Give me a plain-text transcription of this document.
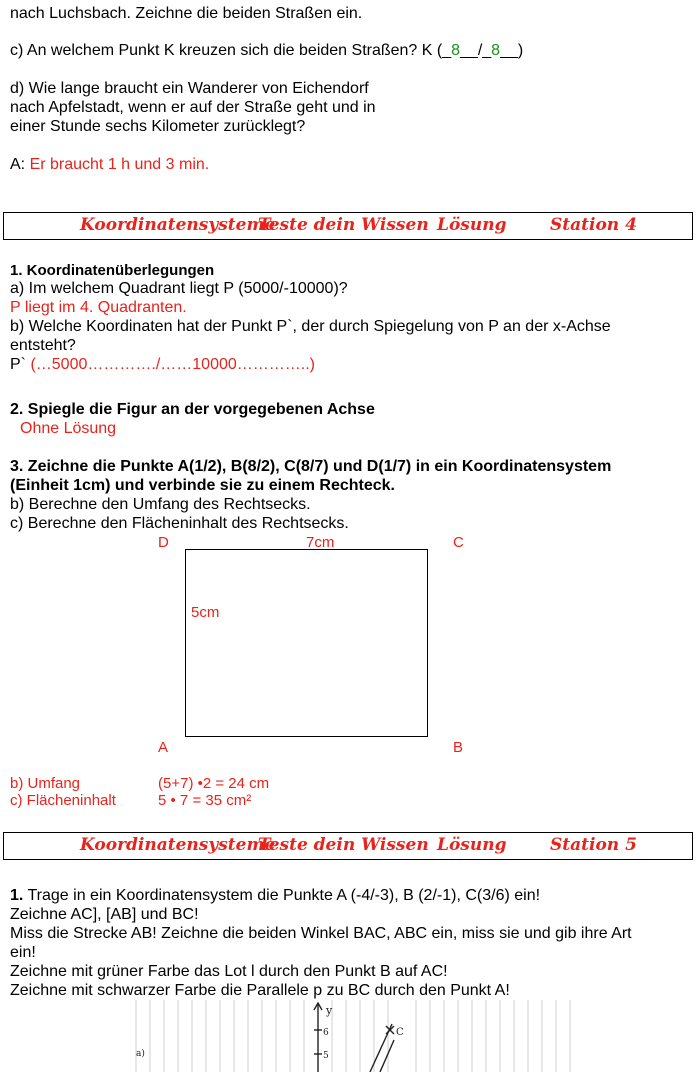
nach Luchsbach. Zeichne die beiden Straßen ein.
c) An welchem Punkt K kreuzen sich die beiden Straßen? K (_8__/_8__)
d) Wie lange braucht ein Wanderer von Eichendorf
nach Apfelstadt, wenn er auf der Straße geht und in
einer Stunde sechs Kilometer zurücklegt?
A: Er braucht 1 h und 3 min.
Koordinatensysteme
Teste dein Wissen Lösung	Station 4
1. Koordinatenüberlegungen
a) Im welchem Quadrant liegt P (5000/-10000)?
P liegt im 4. Quadranten.
b) Welche Koordinaten hat der Punkt P`, der durch Spiegelung von P an der x-Achse
entsteht?
P` (…5000…………./……10000…………..)
2. Spiegle die Figur an der vorgegebenen Achse
Ohne Lösung
3. Zeichne die Punkte A(1/2), B(8/2), C(8/7) und D(1/7) in ein Koordinatensystem
(Einheit 1cm) und verbinde sie zu einem Rechteck.
b) Berechne den Umfang des Rechtsecks.
c) Berechne den Flächeninhalt des Rechtsecks.
D	7cm	C
5cm
A	B
b) Umfang	(5+7) •2 = 24 cm
c) Flächeninhalt	5 • 7 = 35 cm²
Koordinatensysteme
Teste dein Wissen Lösung	Station 5
1. Trage in ein Koordinatensystem die Punkte A (-4/-3), B (2/-1), C(3/6) ein!
Zeichne AC], [AB] und BC!
Miss die Strecke AB! Zeichne die beiden Winkel BAC, ABC ein, miss sie und gib ihre Art
ein!
Zeichne mit grüner Farbe das Lot l durch den Punkt B auf AC!
Zeichne mit schwarzer Farbe die Parallele p zu BC durch den Punkt A!
y
6
5
C
a)
